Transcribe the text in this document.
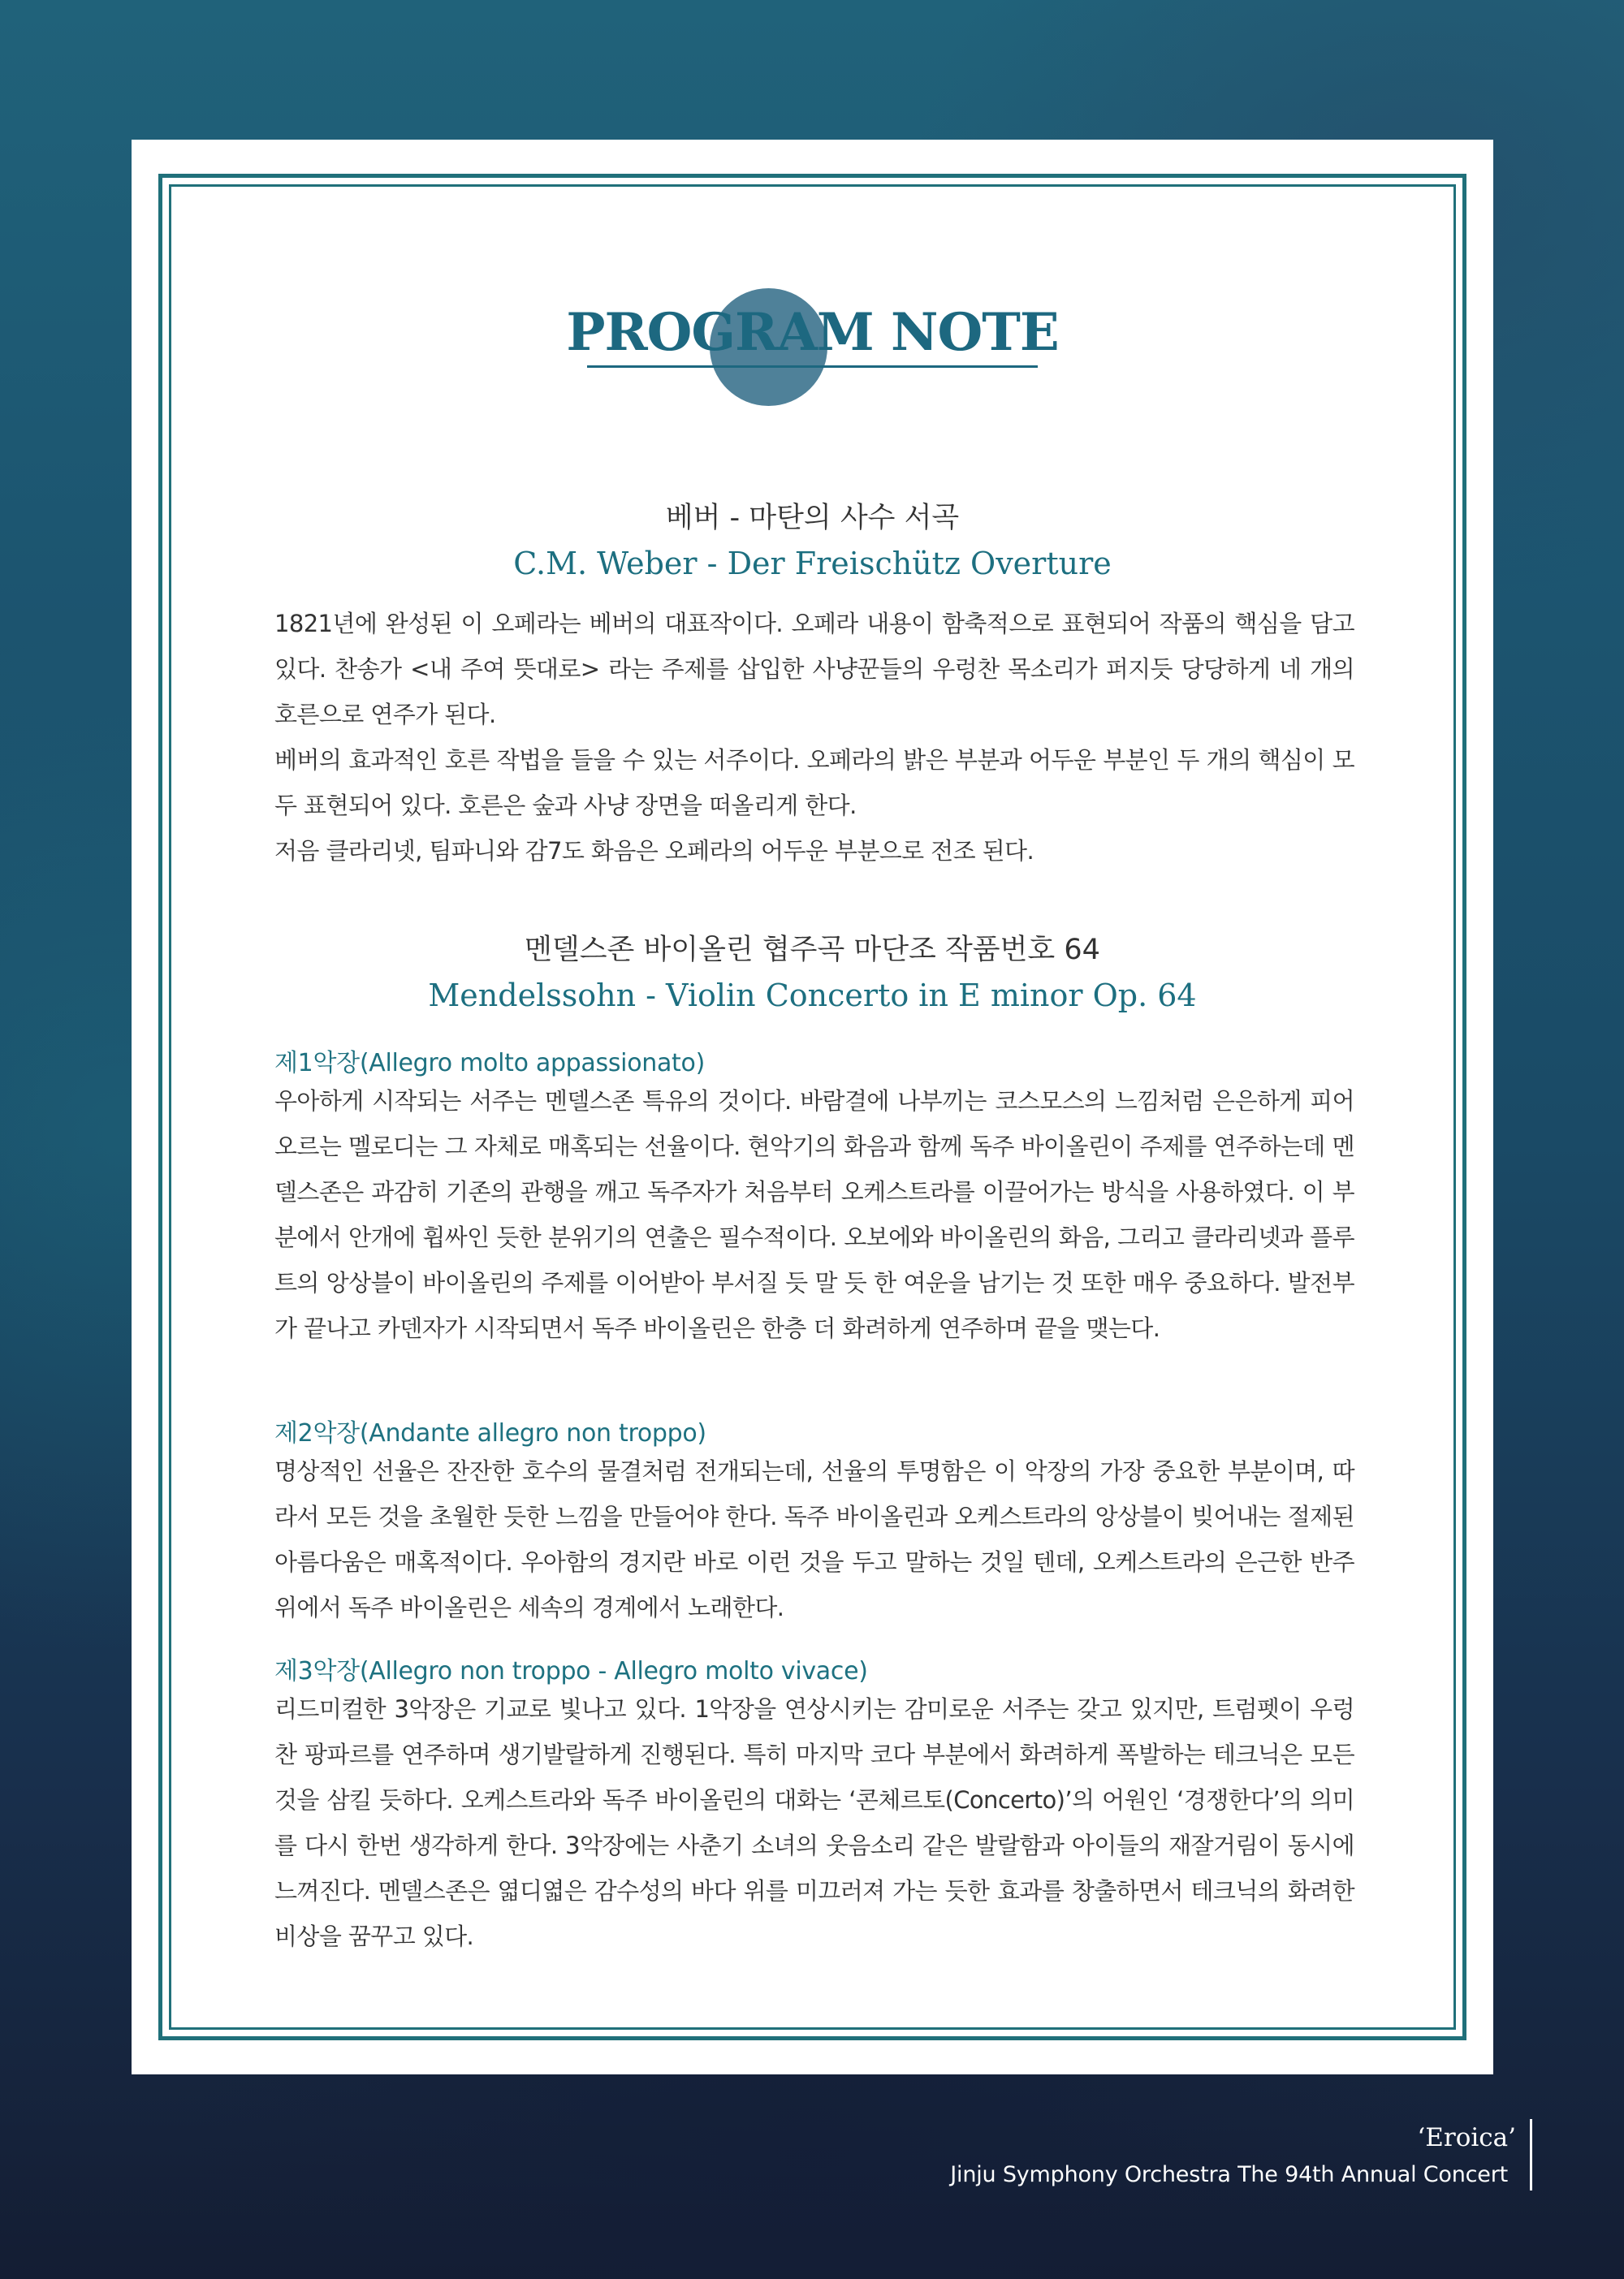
PROGRAM NOTE
베버 - 마탄의 사수 서곡
C.M. Weber - Der Freischütz Overture

1821년에 완성된 이 오페라는 베버의 대표작이다. 오페라 내용이 함축적으로 표현되어 작품의 핵심을 담고 있다. 찬송가 <내 주여 뜻대로> 라는 주제를 삽입한 사냥꾼들의 우렁찬 목소리가 퍼지듯 당당하게 네 개의 호른으로 연주가 된다.

베버의 효과적인 호른 작법을 들을 수 있는 서주이다. 오페라의 밝은 부분과 어두운 부분인 두 개의 핵심이 모두 표현되어 있다. 호른은 숲과 사냥 장면을 떠올리게 한다.

저음 클라리넷, 팀파니와 감7도 화음은 오페라의 어두운 부분으로 전조 된다.

멘델스존 바이올린 협주곡 마단조 작품번호 64
Mendelssohn - Violin Concerto in E minor Op. 64
제1악장(Allegro molto appassionato)
우아하게 시작되는 서주는 멘델스존 특유의 것이다. 바람결에 나부끼는 코스모스의 느낌처럼 은은하게 피어오르는 멜로디는 그 자체로 매혹되는 선율이다. 현악기의 화음과 함께 독주 바이올린이 주제를 연주하는데 멘델스존은 과감히 기존의 관행을 깨고 독주자가 처음부터 오케스트라를 이끌어가는 방식을 사용하였다. 이 부분에서 안개에 휩싸인 듯한 분위기의 연출은 필수적이다. 오보에와 바이올린의 화음, 그리고 클라리넷과 플루트의 앙상블이 바이올린의 주제를 이어받아 부서질 듯 말 듯 한 여운을 남기는 것 또한 매우 중요하다. 발전부가 끝나고 카덴자가 시작되면서 독주 바이올린은 한층 더 화려하게 연주하며 끝을 맺는다.
제2악장(Andante allegro non troppo)
명상적인 선율은 잔잔한 호수의 물결처럼 전개되는데, 선율의 투명함은 이 악장의 가장 중요한 부분이며, 따라서 모든 것을 초월한 듯한 느낌을 만들어야 한다. 독주 바이올린과 오케스트라의 앙상블이 빚어내는 절제된 아름다움은 매혹적이다. 우아함의 경지란 바로 이런 것을 두고 말하는 것일 텐데, 오케스트라의 은근한 반주 위에서 독주 바이올린은 세속의 경계에서 노래한다.
제3악장(Allegro non troppo - Allegro molto vivace)
리드미컬한 3악장은 기교로 빛나고 있다. 1악장을 연상시키는 감미로운 서주는 갖고 있지만, 트럼펫이 우렁찬 팡파르를 연주하며 생기발랄하게 진행된다. 특히 마지막 코다 부분에서 화려하게 폭발하는 테크닉은 모든 것을 삼킬 듯하다. 오케스트라와 독주 바이올린의 대화는 ‘콘체르토(Concerto)’의 어원인 ‘경쟁한다’의 의미를 다시 한번 생각하게 한다. 3악장에는 사춘기 소녀의 웃음소리 같은 발랄함과 아이들의 재잘거림이 동시에 느껴진다. 멘델스존은 엷디엷은 감수성의 바다 위를 미끄러져 가는 듯한 효과를 창출하면서 테크닉의 화려한 비상을 꿈꾸고 있다.
‘Eroica’
Jinju Symphony Orchestra The 94th Annual Concert
